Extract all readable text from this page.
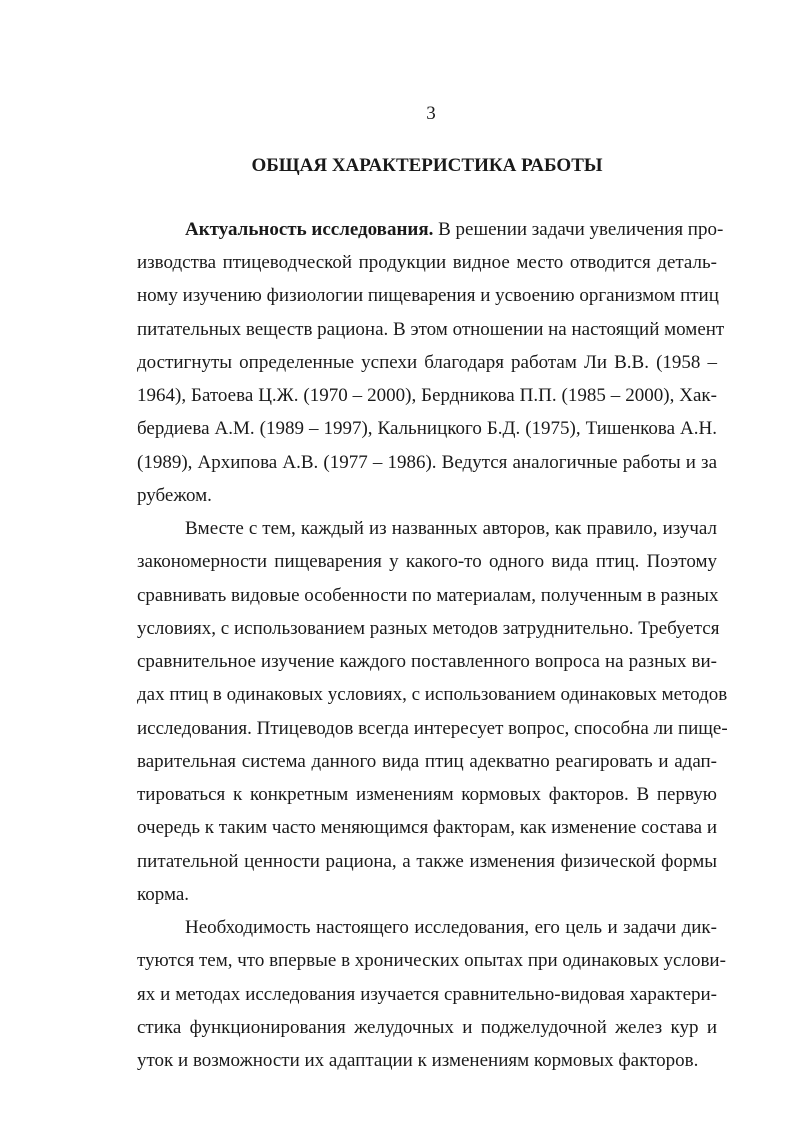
3
ОБЩАЯ ХАРАКТЕРИСТИКА РАБОТЫ
Актуальность исследования. В решении задачи увеличения про-
изводства птицеводческой продукции видное место отводится деталь-
ному изучению физиологии пищеварения и усвоению организмом птиц
питательных веществ рациона. В этом отношении на настоящий момент
достигнуты определенные успехи благодаря работам Ли В.В. (1958 –
1964), Батоева Ц.Ж. (1970 – 2000), Бердникова П.П. (1985 – 2000), Хак-
бердиева А.М. (1989 – 1997), Кальницкого Б.Д. (1975), Тишенкова А.Н.
(1989), Архипова А.В. (1977 – 1986). Ведутся аналогичные работы и за
рубежом.
Вместе с тем, каждый из названных авторов, как правило, изучал
закономерности пищеварения у какого-то одного вида птиц. Поэтому
сравнивать видовые особенности по материалам, полученным в разных
условиях, с использованием разных методов затруднительно. Требуется
сравнительное изучение каждого поставленного вопроса на разных ви-
дах птиц в одинаковых условиях, с использованием одинаковых методов
исследования. Птицеводов всегда интересует вопрос, способна ли пище-
варительная система данного вида птиц адекватно реагировать и адап-
тироваться к конкретным изменениям кормовых факторов. В первую
очередь к таким часто меняющимся факторам, как изменение состава и
питательной ценности рациона, а также изменения физической формы
корма.
Необходимость настоящего исследования, его цель и задачи дик-
туются тем, что впервые в хронических опытах при одинаковых услови-
ях и методах исследования изучается сравнительно-видовая характери-
стика функционирования желудочных и поджелудочной желез кур и
уток и возможности их адаптации к изменениям кормовых факторов.
